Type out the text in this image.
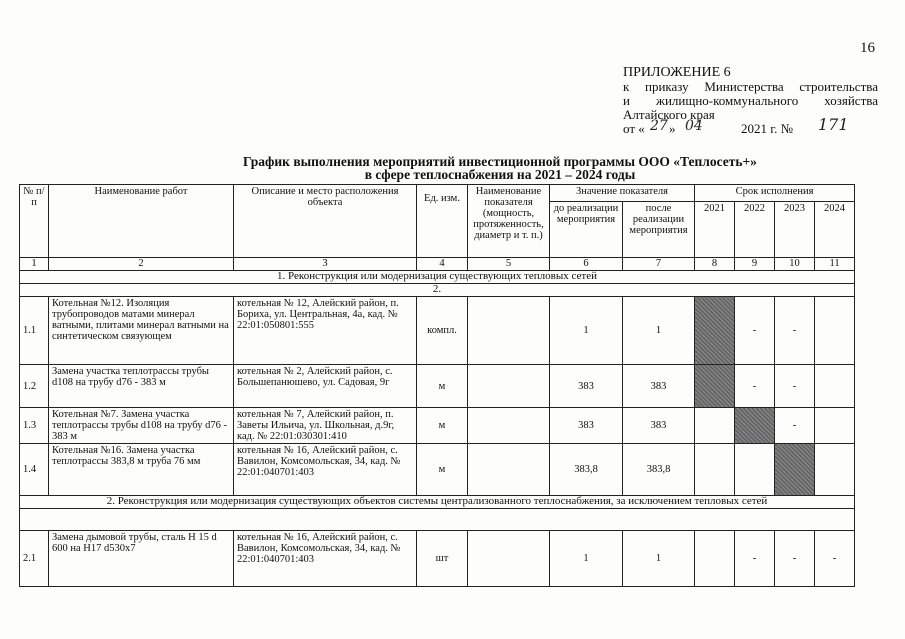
16
ПРИЛОЖЕНИЕ 6
к приказу Министерства строительства
и жилищно-коммунального хозяйства
Алтайского края
от « 27 » 04	2021 г. № 171
График выполнения мероприятий инвестиционной программы ООО «Теплосеть+»
в сфере теплоснабжения на 2021 – 2024 годы
№ п/п	Наименование работ	Описание и место расположения объекта	Ед. изм.	Наименование показателя (мощность, протяженность, диаметр и т. п.)	Значение показателя		Срок исполнения			
					до реализации мероприятия	после реализации мероприятия	2021	2022	2023	2024
1	2	3	4	5	6	7	8	9	10	11
1. Реконструкция или модернизация существующих тепловых сетей										
2.										
1.1	Котельная №12. Изоляция трубопроводов матами минерал ватными, плитами минерал ватными на синтетическом связующем	котельная № 12, Алейский район, п. Бориха, ул. Центральная, 4а, кад. № 22:01:050801:555	компл.		1	1		-	-	
1.2	Замена участка теплотрассы трубы d108 на трубу d76 - 383 м	котельная № 2, Алейский район, с. Большепанюшево, ул. Садовая, 9г	м		383	383		-	-	
1.3	Котельная №7. Замена участка теплотрассы трубы d108 на трубу d76 - 383 м	котельная № 7, Алейский район, п. Заветы Ильича, ул. Школьная, д.9г, кад. № 22:01:030301:410	м		383	383			-	
1.4	Котельная №16. Замена участка теплотрассы 383,8 м труба 76 мм	котельная № 16, Алейский район, с. Вавилон, Комсомольская, 34, кад. № 22:01:040701:403	м		383,8	383,8				
2. Реконструкция или модернизация существующих объектов системы централизованного теплоснабжения, за исключением тепловых сетей										

2.1	Замена дымовой трубы, сталь Н 15 d 600 на Н17 d530х7	котельная № 16, Алейский район, с. Вавилон, Комсомольская, 34, кад. № 22:01:040701:403	шт		1	1		-	-	-
